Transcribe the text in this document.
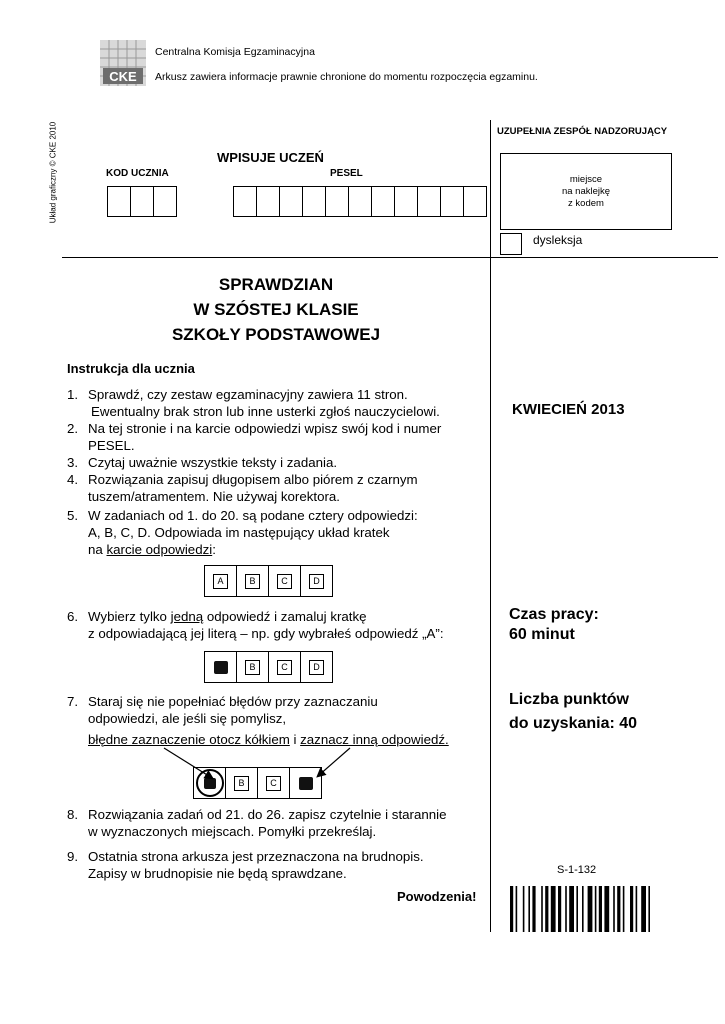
CKE
Centralna Komisja Egzaminacyjna
Arkusz zawiera informacje prawnie chronione do momentu rozpoczęcia egzaminu.
Układ graficzny © CKE 2010	UZUPEŁNIA ZESPÓŁ NADZORUJĄCY
miejsce
na naklejkę
z kodem
dysleksja
WPISUJE UCZEŃ
KOD UCZNIA	PESEL
SPRAWDZIAN
W SZÓSTEJ KLASIE
SZKOŁY PODSTAWOWEJ
Instrukcja dla ucznia
1. Sprawdź, czy zestaw egzaminacyjny zawiera 11 stron.
Ewentualny brak stron lub inne usterki zgłoś nauczycielowi.
2. Na tej stronie i na karcie odpowiedzi wpisz swój kod i numer
PESEL.
3. Czytaj uważnie wszystkie teksty i zadania.
4. Rozwiązania zapisuj długopisem albo piórem z czarnym
tuszem/atramentem. Nie używaj korektora.
5. W zadaniach od 1. do 20. są podane cztery odpowiedzi:
A, B, C, D. Odpowiada im następujący układ kratek
na karcie odpowiedzi:
6. Wybierz tylko jedną odpowiedź i zamaluj kratkę
z odpowiadającą jej literą – np. gdy wybrałeś odpowiedź „A”:
7. Staraj się nie popełniać błędów przy zaznaczaniu
odpowiedzi, ale jeśli się pomylisz,
błędne zaznaczenie otocz kółkiem i zaznacz inną odpowiedź.
8. Rozwiązania zadań od 21. do 26. zapisz czytelnie i starannie
w wyznaczonych miejscach. Pomyłki przekreślaj.
9. Ostatnia strona arkusza jest przeznaczona na brudnopis.
Zapisy w brudnopisie nie będą sprawdzane.
A	B	C	D
B	C	D
B	C
KWIECIEŃ 2013
Czas pracy:
60 minut
Liczba punktów
do uzyskania: 40
S-1-132
Powodzenia!
